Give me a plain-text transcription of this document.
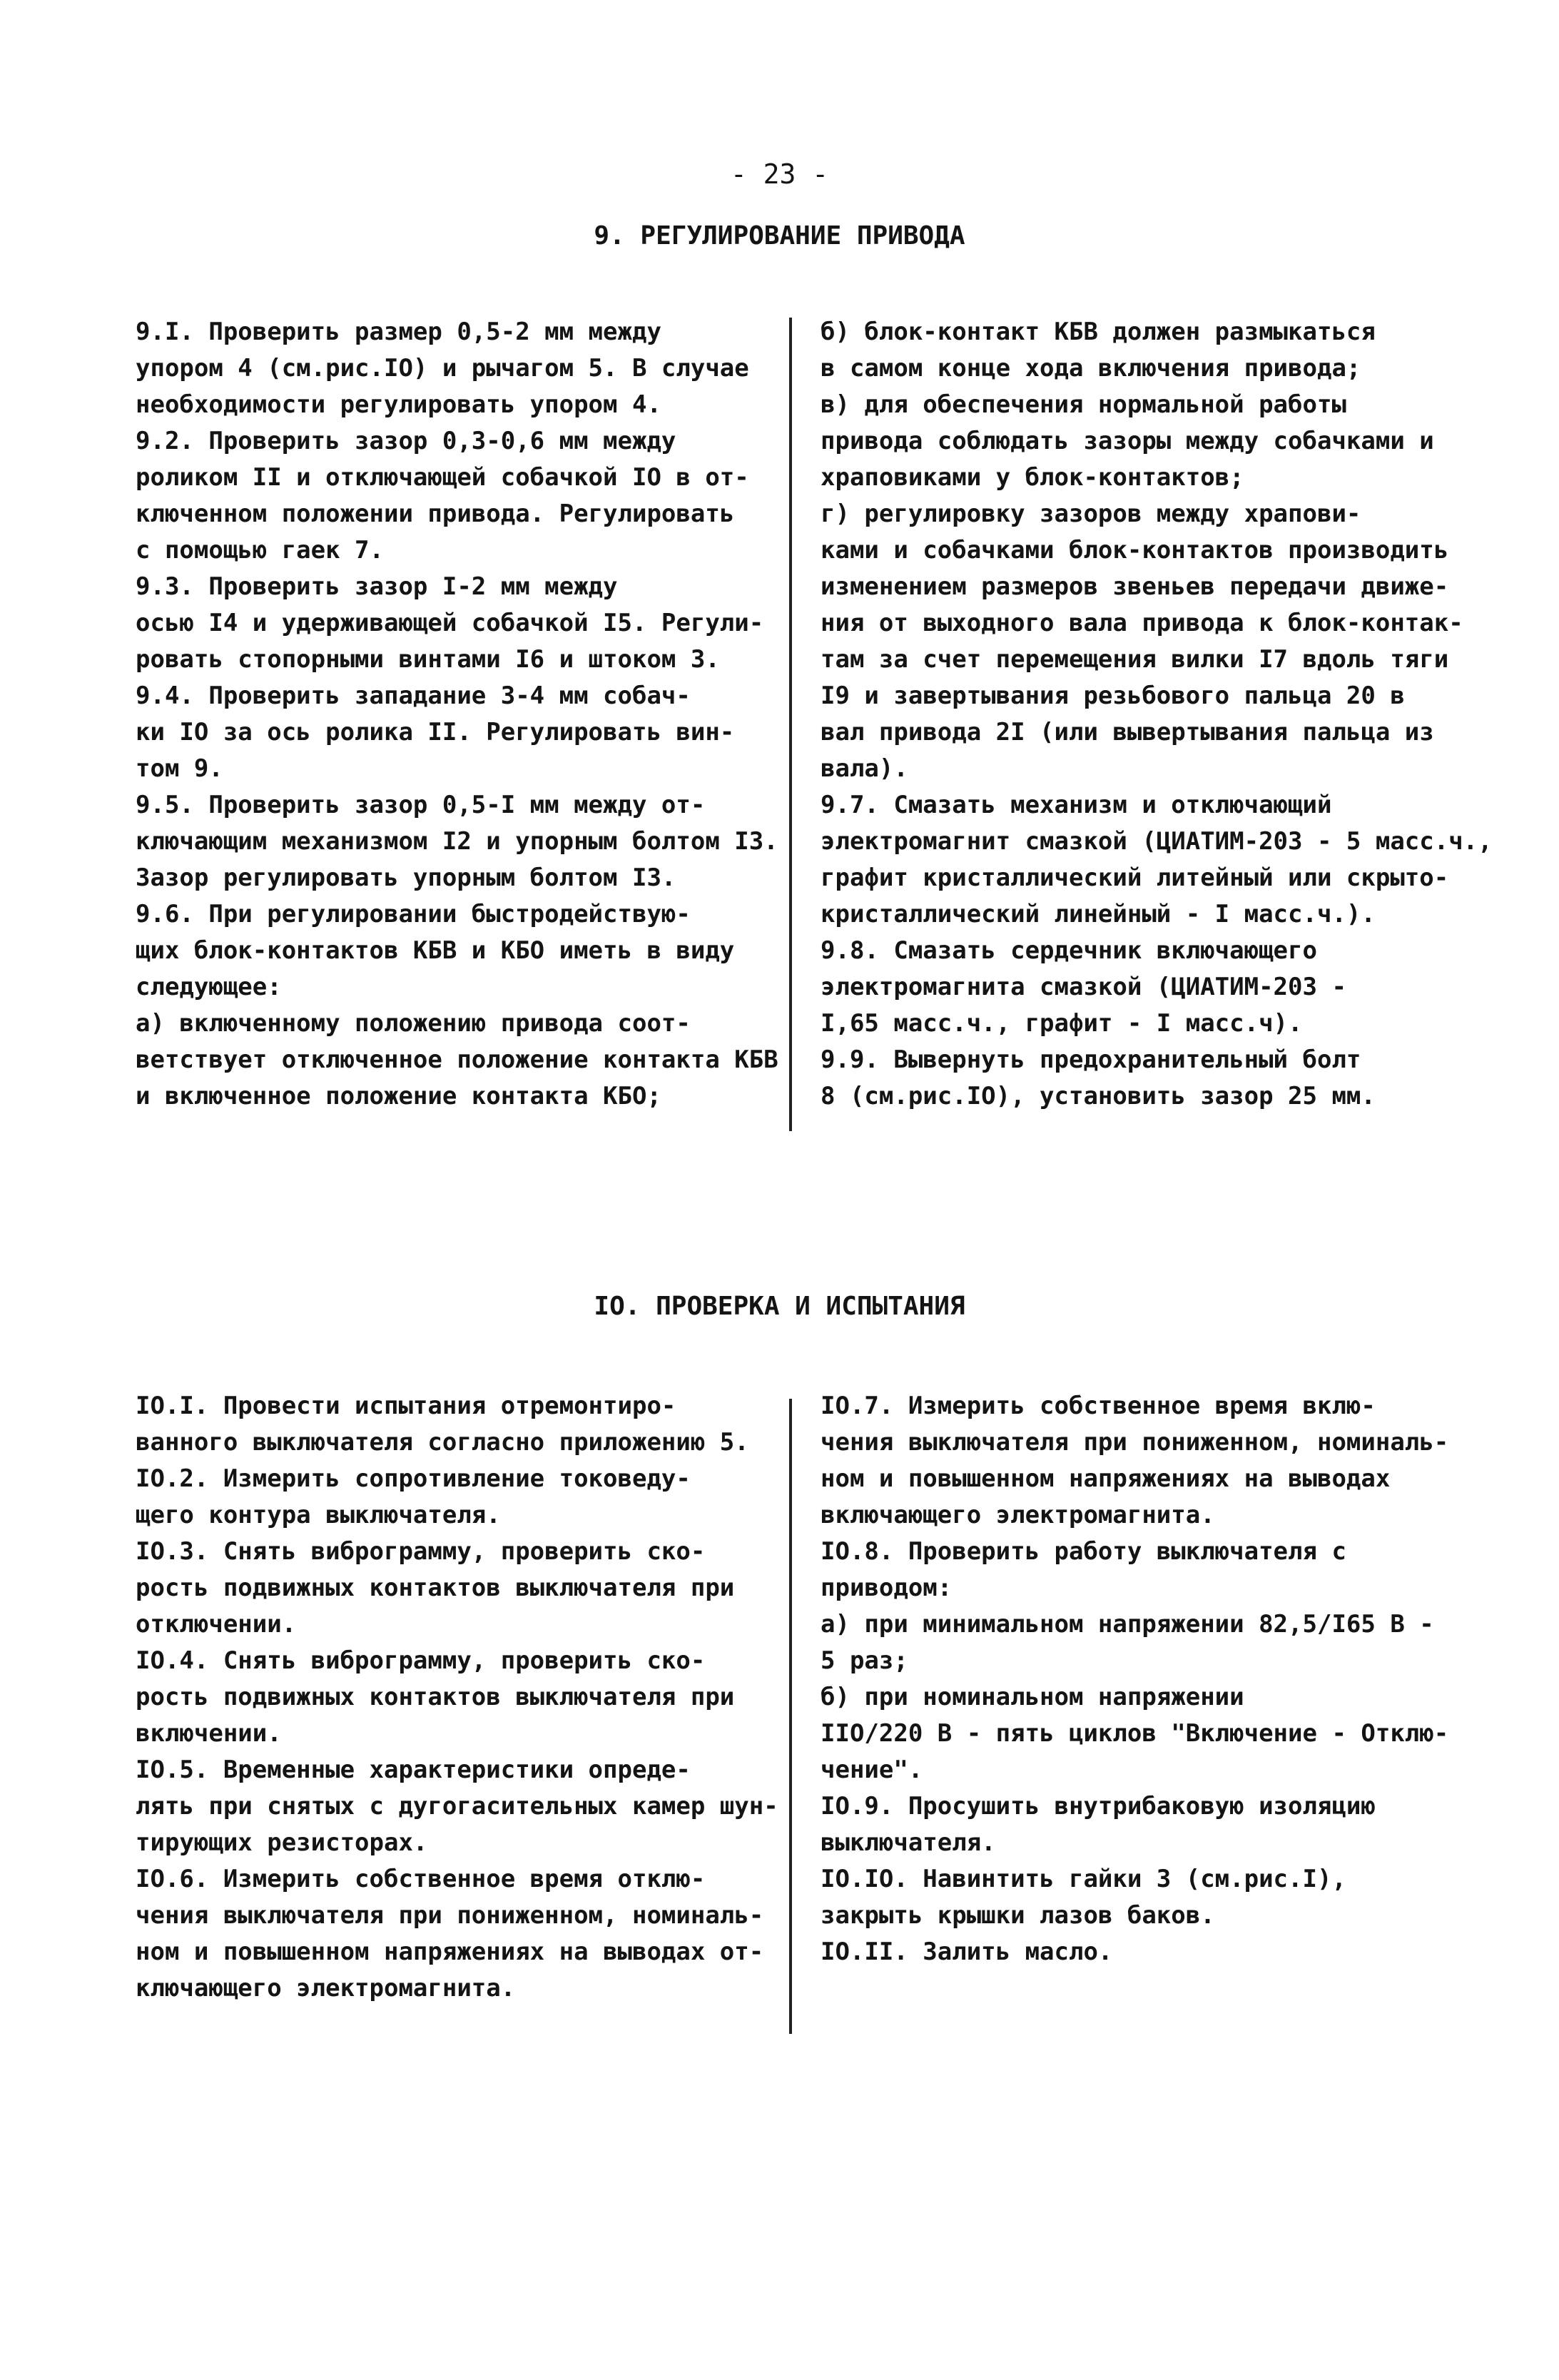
- 23 -
9. РЕГУЛИРОВАНИЕ ПРИВОДА
9.I. Проверить размер 0,5-2 мм между
упором 4 (см.рис.IO) и рычагом 5. В случае
необходимости регулировать упором 4.
9.2. Проверить зазор 0,3-0,6 мм между
роликом II и отключающей собачкой IO в от-
ключенном положении привода. Регулировать
с помощью гаек 7.
9.3. Проверить зазор I-2 мм между
осью I4 и удерживающей собачкой I5. Регули-
ровать стопорными винтами I6 и штоком 3.
9.4. Проверить западание 3-4 мм собач-
ки IO за ось ролика II. Регулировать вин-
том 9.
9.5. Проверить зазор 0,5-I мм между от-
ключающим механизмом I2 и упорным болтом I3.
Зазор регулировать упорным болтом I3.
9.6. При регулировании быстродействую-
щих блок-контактов КБВ и КБО иметь в виду
следующее:
а) включенному положению привода соот-
ветствует отключенное положение контакта КБВ
и включенное положение контакта КБО;
б) блок-контакт КБВ должен размыкаться
в самом конце хода включения привода;
в) для обеспечения нормальной работы
привода соблюдать зазоры между собачками и
храповиками у блок-контактов;
г) регулировку зазоров между храпови-
ками и собачками блок-контактов производить
изменением размеров звеньев передачи движе-
ния от выходного вала привода к блок-контак-
там за счет перемещения вилки I7 вдоль тяги
I9 и завертывания резьбового пальца 20 в
вал привода 2I (или вывертывания пальца из
вала).
9.7. Смазать механизм и отключающий
электромагнит смазкой (ЦИАТИМ-203 - 5 масс.ч.,
графит кристаллический литейный или скрыто-
кристаллический линейный - I масс.ч.).
9.8. Смазать сердечник включающего
электромагнита смазкой (ЦИАТИМ-203 -
I,65 масс.ч., графит - I масс.ч).
9.9. Вывернуть предохранительный болт
8 (см.рис.IO), установить зазор 25 мм.
IO. ПРОВЕРКА И ИСПЫТАНИЯ
IO.I. Провести испытания отремонтиро-
ванного выключателя согласно приложению 5.
IO.2. Измерить сопротивление токоведу-
щего контура выключателя.
IO.3. Снять виброграмму, проверить ско-
рость подвижных контактов выключателя при
отключении.
IO.4. Снять виброграмму, проверить ско-
рость подвижных контактов выключателя при
включении.
IO.5. Временные характеристики опреде-
лять при снятых с дугогасительных камер шун-
тирующих резисторах.
IO.6. Измерить собственное время отклю-
чения выключателя при пониженном, номиналь-
ном и повышенном напряжениях на выводах от-
ключающего электромагнита.
IO.7. Измерить собственное время вклю-
чения выключателя при пониженном, номиналь-
ном и повышенном напряжениях на выводах
включающего электромагнита.
IO.8. Проверить работу выключателя с
приводом:
а) при минимальном напряжении 82,5/I65 В -
5 раз;
б) при номинальном напряжении
IIO/220 В - пять циклов "Включение - Отклю-
чение".
IO.9. Просушить внутрибаковую изоляцию
выключателя.
IO.IO. Навинтить гайки 3 (см.рис.I),
закрыть крышки лазов баков.
IO.II. Залить масло.
